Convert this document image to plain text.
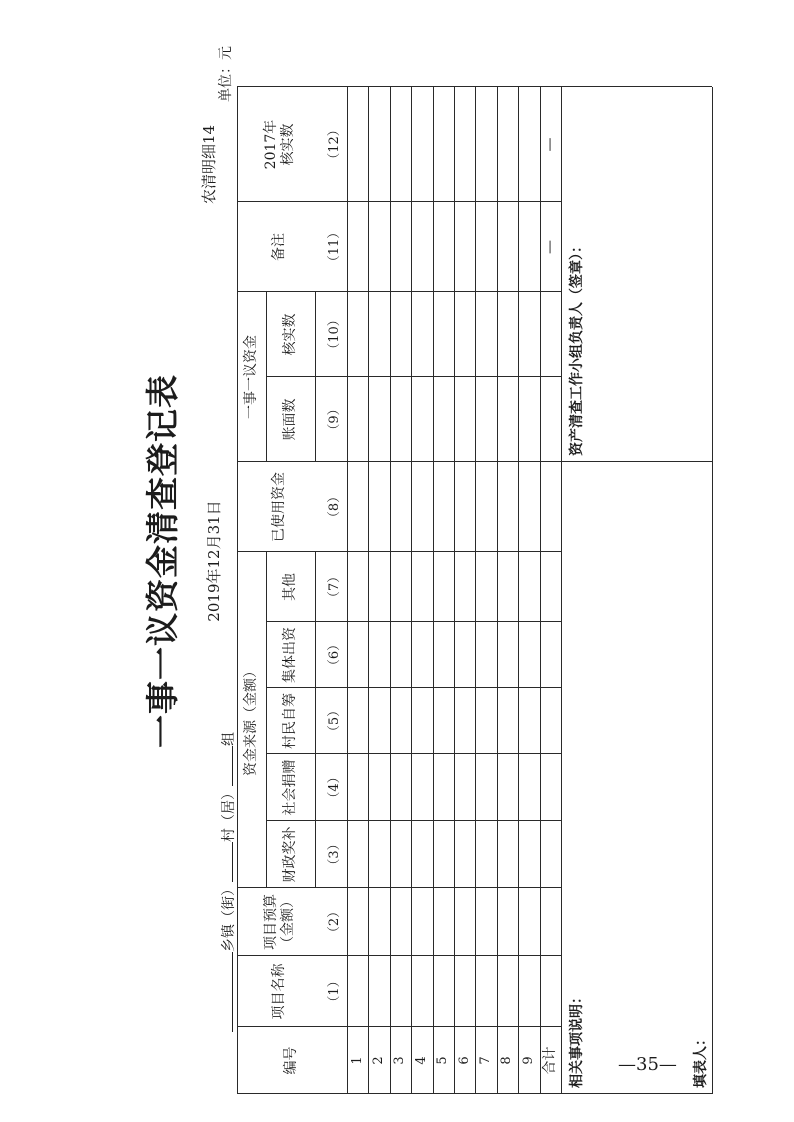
一事一议资金清查登记表 2019年12月31日
农清明细14
单位：元
乡镇（街）村（居）组
编号
项目名称
项目预算
（金额）
资金来源（金额）
财政奖补
社会捐赠
村民自筹
集体出资
其他
已使用资金
一事一议资金
账面数
核实数
备注
2017年
核实数
（1）
（2）
（3）
（4）
（5）
（6）
（7）
（8）
（9）
（10）
（11）
（12）
1 2 3 4 5 6 7 8 9 合计
—
—
相关事项说明：	填表人：
资产清查工作小组负责人（签章）：
—35—
